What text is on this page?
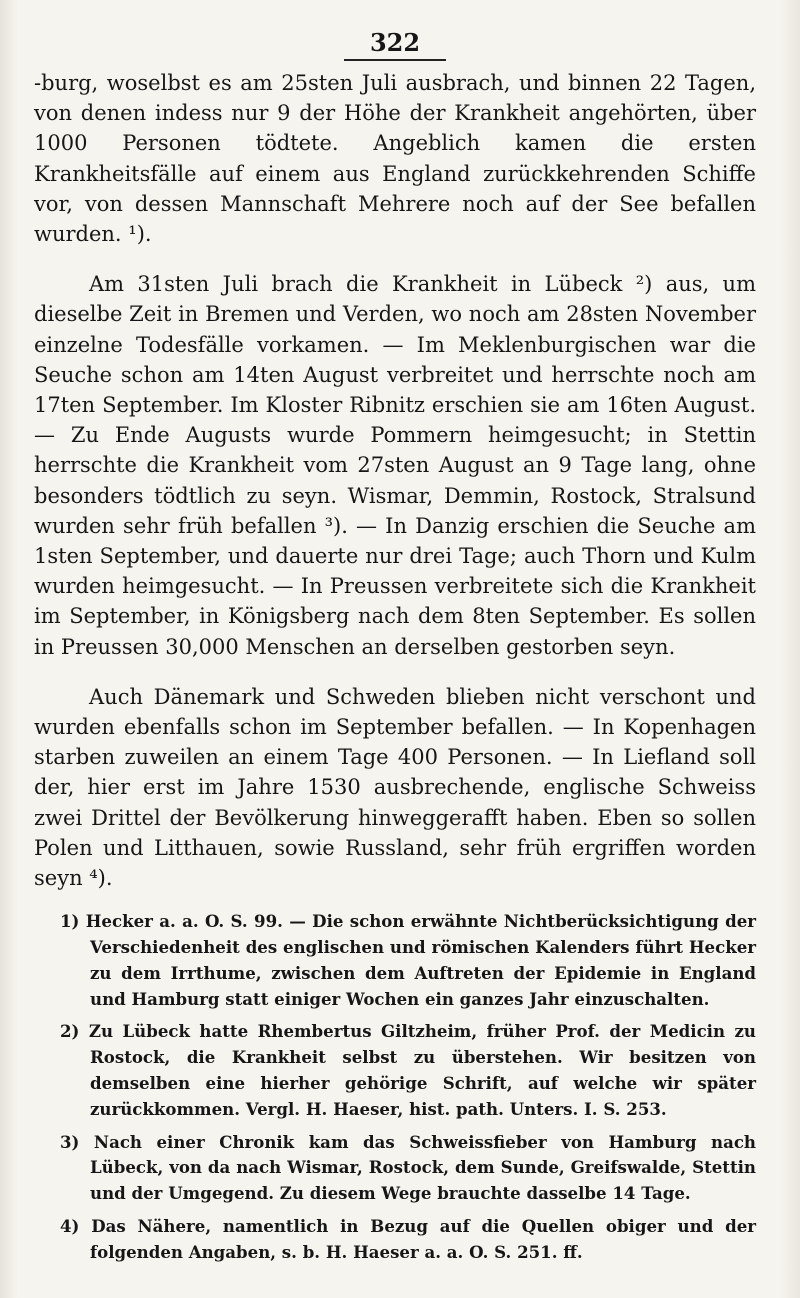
322

-burg, woselbst es am 25sten Juli ausbrach, und binnen 22 Tagen, von denen indess nur 9 der Höhe der Krankheit angehörten, über 1000 Personen tödtete. Angeblich kamen die ersten Krankheitsfälle auf einem aus England zurückkehrenden Schiffe vor, von dessen Mannschaft Mehrere noch auf der See befallen wurden. ¹).

Am 31sten Juli brach die Krankheit in Lübeck ²) aus, um dieselbe Zeit in Bremen und Verden, wo noch am 28sten November einzelne Todesfälle vorkamen. — Im Meklenburgischen war die Seuche schon am 14ten August verbreitet und herrschte noch am 17ten September. Im Kloster Ribnitz erschien sie am 16ten August. — Zu Ende Augusts wurde Pommern heimgesucht; in Stettin herrschte die Krankheit vom 27sten August an 9 Tage lang, ohne besonders tödtlich zu seyn. Wismar, Demmin, Rostock, Stralsund wurden sehr früh befallen ³). — In Danzig erschien die Seuche am 1sten September, und dauerte nur drei Tage; auch Thorn und Kulm wurden heimgesucht. — In Preussen verbreitete sich die Krankheit im September, in Königsberg nach dem 8ten September. Es sollen in Preussen 30,000 Menschen an derselben gestorben seyn.

Auch Dänemark und Schweden blieben nicht verschont und wurden ebenfalls schon im September befallen. — In Kopenhagen starben zuweilen an einem Tage 400 Personen. — In Liefland soll der, hier erst im Jahre 1530 ausbrechende, englische Schweiss zwei Drittel der Bevölkerung hinweggerafft haben. Eben so sollen Polen und Litthauen, sowie Russland, sehr früh ergriffen worden seyn ⁴).

1) Hecker a. a. O. S. 99. — Die schon erwähnte Nichtberücksichtigung der Verschiedenheit des englischen und römischen Kalenders führt Hecker zu dem Irrthume, zwischen dem Auftreten der Epidemie in England und Hamburg statt einiger Wochen ein ganzes Jahr einzuschalten.

2) Zu Lübeck hatte Rhembertus Giltzheim, früher Prof. der Medicin zu Rostock, die Krankheit selbst zu überstehen. Wir besitzen von demselben eine hierher gehörige Schrift, auf welche wir später zurückkommen. Vergl. H. Haeser, hist. path. Unters. I. S. 253.

3) Nach einer Chronik kam das Schweissfieber von Hamburg nach Lübeck, von da nach Wismar, Rostock, dem Sunde, Greifswalde, Stettin und der Umgegend. Zu diesem Wege brauchte dasselbe 14 Tage.

4) Das Nähere, namentlich in Bezug auf die Quellen obiger und der folgenden Angaben, s. b. H. Haeser a. a. O. S. 251. ff.
